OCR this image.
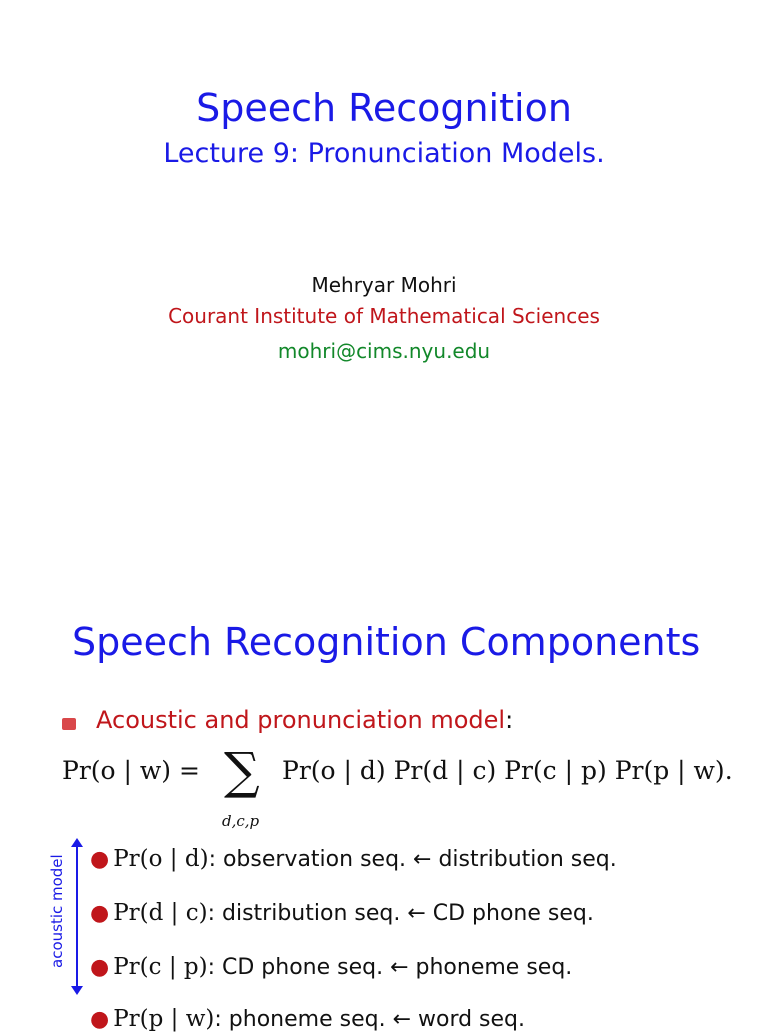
Speech Recognition
Lecture 9: Pronunciation Models.
Mehryar Mohri
Courant Institute of Mathematical Sciences
mohri@cims.nyu.edu
Speech Recognition Components
Acoustic and pronunciation model:
Pr(o | w) = ∑
d,c,p
Pr(o | d) Pr(d | c) Pr(c | p) Pr(p | w).
acoustic model ● Pr(o | d): observation seq. ← distribution seq.
● Pr(d | c): distribution seq. ← CD phone seq.
● Pr(c | p): CD phone seq. ← phoneme seq.
● Pr(p | w): phoneme seq. ← word seq.
